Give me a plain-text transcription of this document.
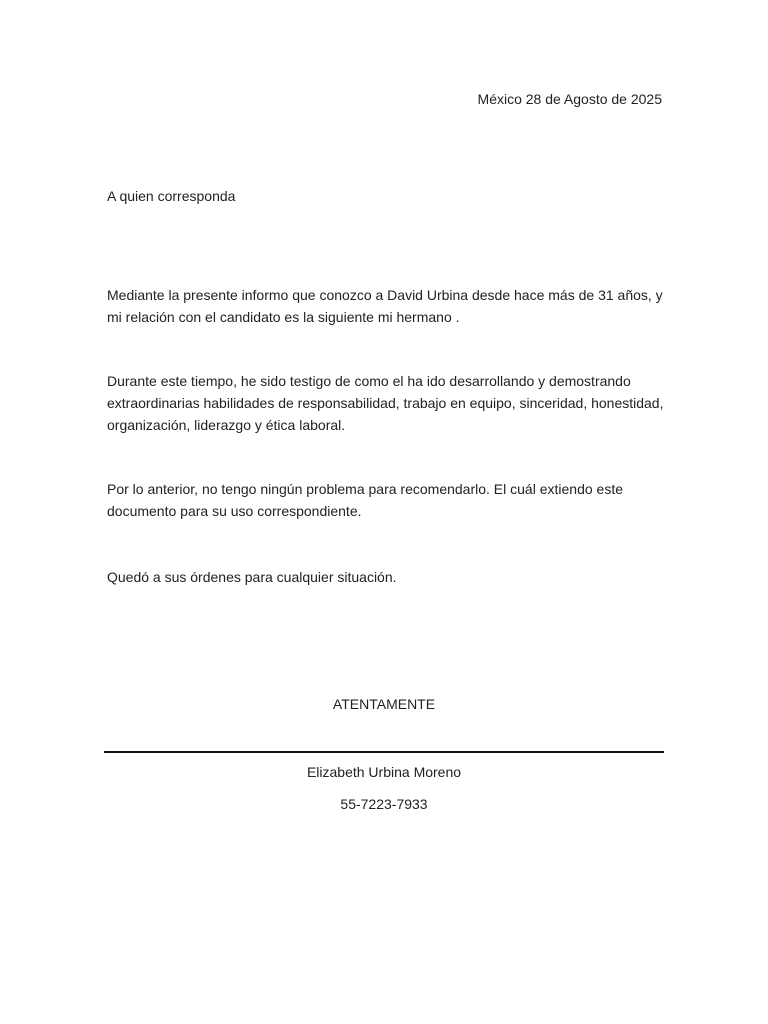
México 28 de Agosto de 2025
A quien corresponda

Mediante la presente informo que conozco a David Urbina desde hace más de 31 años, y mi relación con el candidato es la siguiente mi hermano .

Durante este tiempo, he sido testigo de como el ha ido desarrollando y demostrando extraordinarias habilidades de responsabilidad, trabajo en equipo, sinceridad, honestidad, organización, liderazgo y ética laboral.

Por lo anterior, no tengo ningún problema para recomendarlo. El cuál extiendo este documento para su uso correspondiente.

Quedó a sus órdenes para cualquier situación.

ATENTAMENTE
Elizabeth Urbina Moreno
55-7223-7933
